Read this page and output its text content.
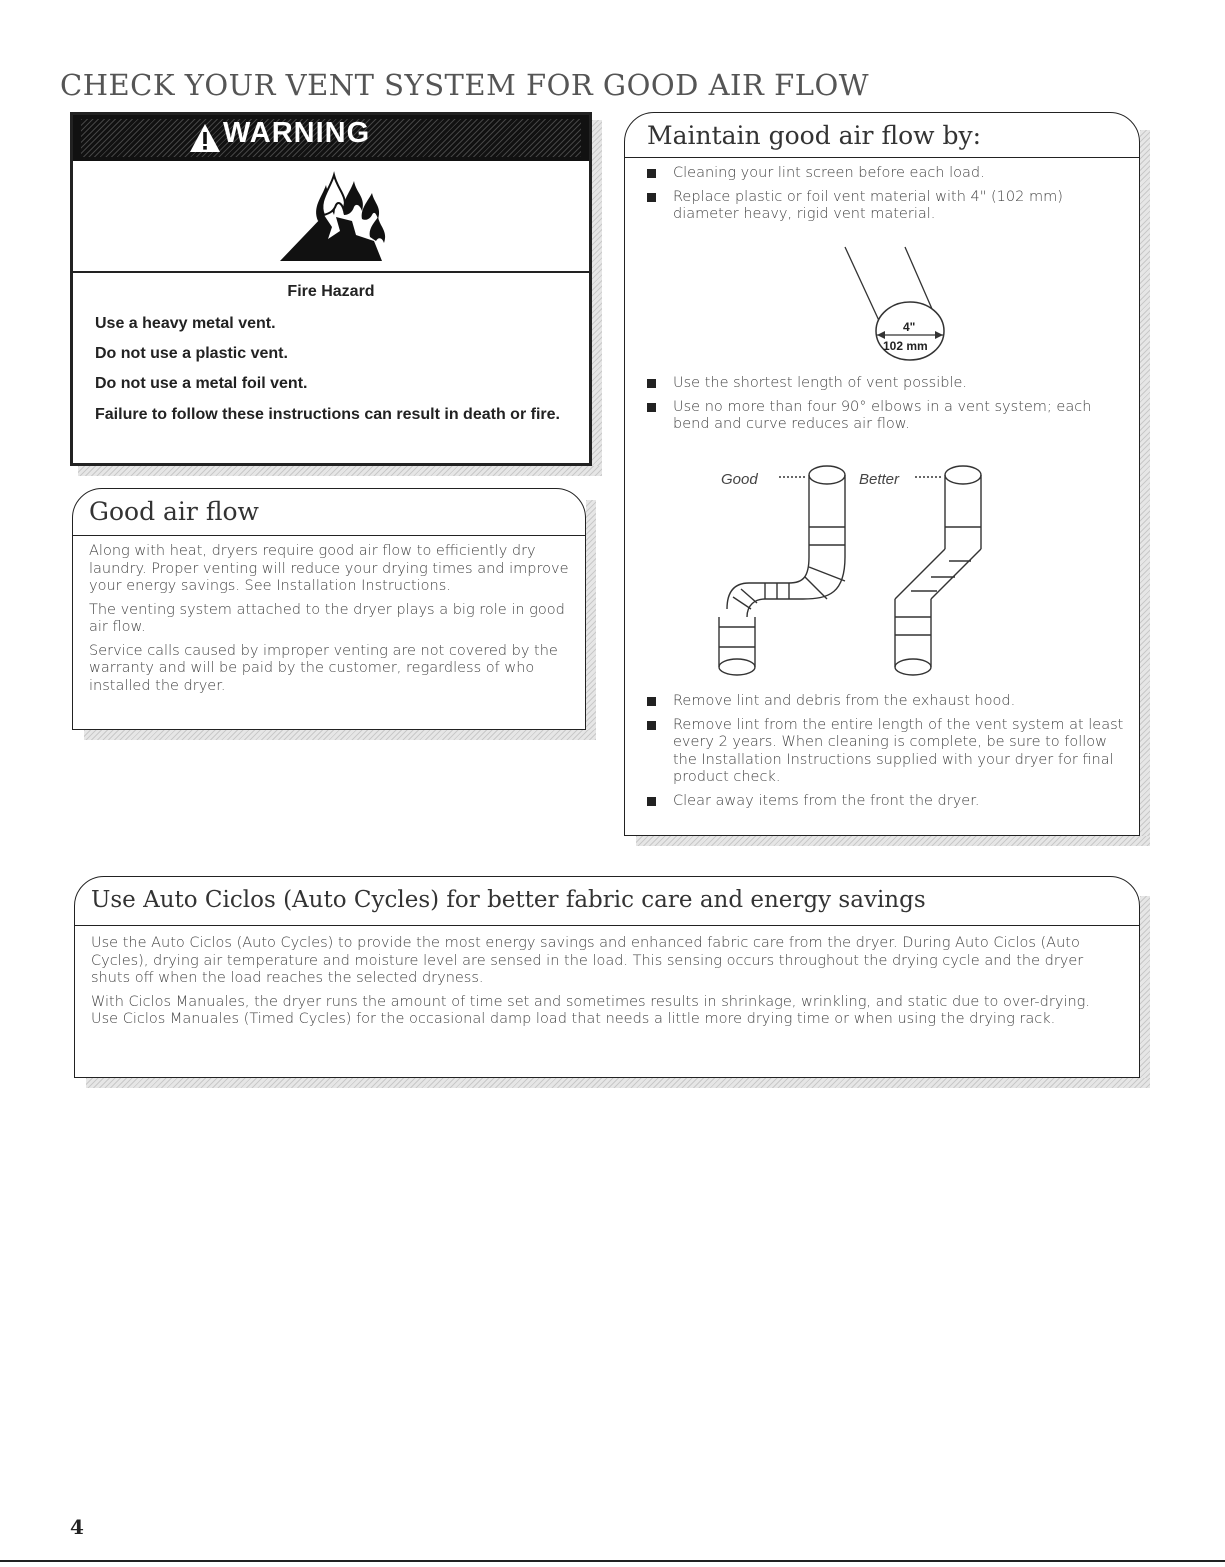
CHECK YOUR VENT SYSTEM FOR GOOD AIR FLOW
WARNING

Fire Hazard

Use a heavy metal vent.

Do not use a plastic vent.

Do not use a metal foil vent.

Failure to follow these instructions can result in death or fire.

Good air flow

Along with heat, dryers require good air flow to efficiently dry laundry. Proper venting will reduce your drying times and improve your energy savings. See Installation Instructions.

The venting system attached to the dryer plays a big role in good air flow.

Service calls caused by improper venting are not covered by the warranty and will be paid by the customer, regardless of who installed the dryer.

Maintain good air flow by:
Cleaning your lint screen before each load.
Replace plastic or foil vent material with 4" (102 mm) diameter heavy, rigid vent material.
4"
102 mm
Use the shortest length of vent possible.
Use no more than four 90° elbows in a vent system; each bend and curve reduces air flow.
Good	Better
Remove lint and debris from the exhaust hood.
Remove lint from the entire length of the vent system at least every 2 years. When cleaning is complete, be sure to follow the Installation Instructions supplied with your dryer for final product check.
Clear away items from the front the dryer.
Use Auto Ciclos (Auto Cycles) for better fabric care and energy savings

Use the Auto Ciclos (Auto Cycles) to provide the most energy savings and enhanced fabric care from the dryer. During Auto Ciclos (Auto Cycles), drying air temperature and moisture level are sensed in the load. This sensing occurs throughout the drying cycle and the dryer shuts off when the load reaches the selected dryness.

With Ciclos Manuales, the dryer runs the amount of time set and sometimes results in shrinkage, wrinkling, and static due to over-drying. Use Ciclos Manuales (Timed Cycles) for the occasional damp load that needs a little more drying time or when using the drying rack.

4
